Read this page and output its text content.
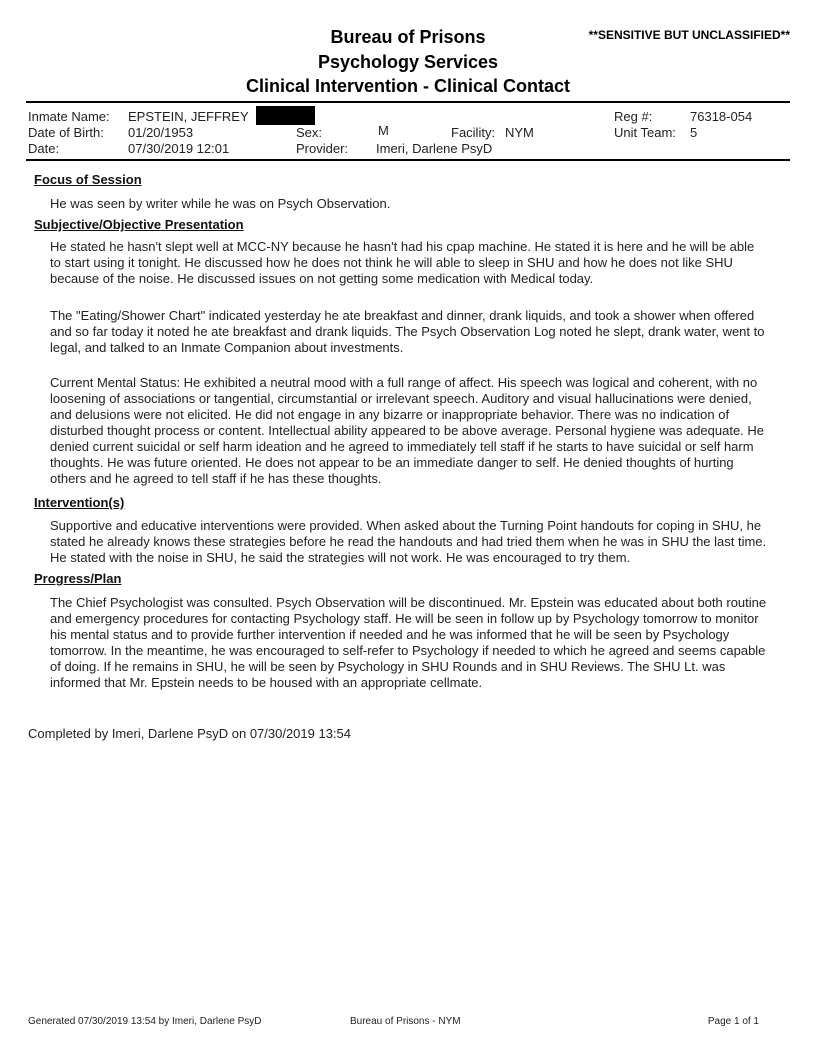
Bureau of Prisons
Psychology Services
Clinical Intervention - Clinical Contact
**SENSITIVE BUT UNCLASSIFIED**
Inmate Name: EPSTEIN, JEFFREY
Date of Birth: 01/20/1953
Date:	07/30/2019 12:01
Sex:	M
Provider: Imeri, Darlene PsyD
Facility: NYM
Reg #:	76318-054
Unit Team: 5
Focus of Session

He was seen by writer while he was on Psych Observation.

Subjective/Objective Presentation

He stated he hasn't slept well at MCC-NY because he hasn't had his cpap machine. He stated it is here and he will be able to start using it tonight. He discussed how he does not think he will able to sleep in SHU and how he does not like SHU because of the noise. He discussed issues on not getting some medication with Medical today.

The "Eating/Shower Chart" indicated yesterday he ate breakfast and dinner, drank liquids, and took a shower when offered and so far today it noted he ate breakfast and drank liquids. The Psych Observation Log noted he slept, drank water, went to legal, and talked to an Inmate Companion about investments.

Current Mental Status: He exhibited a neutral mood with a full range of affect. His speech was logical and coherent, with no loosening of associations or tangential, circumstantial or irrelevant speech. Auditory and visual hallucinations were denied, and delusions were not elicited. He did not engage in any bizarre or inappropriate behavior. There was no indication of disturbed thought process or content. Intellectual ability appeared to be above average. Personal hygiene was adequate. He denied current suicidal or self harm ideation and he agreed to immediately tell staff if he starts to have suicidal or self harm thoughts. He was future oriented. He does not appear to be an immediate danger to self. He denied thoughts of hurting others and he agreed to tell staff if he has these thoughts.

Intervention(s)

Supportive and educative interventions were provided. When asked about the Turning Point handouts for coping in SHU, he stated he already knows these strategies before he read the handouts and had tried them when he was in SHU the last time. He stated with the noise in SHU, he said the strategies will not work. He was encouraged to try them.

Progress/Plan

The Chief Psychologist was consulted. Psych Observation will be discontinued. Mr. Epstein was educated about both routine and emergency procedures for contacting Psychology staff. He will be seen in follow up by Psychology tomorrow to monitor his mental status and to provide further intervention if needed and he was informed that he will be seen by Psychology tomorrow. In the meantime, he was encouraged to self-refer to Psychology if needed to which he agreed and seems capable of doing. If he remains in SHU, he will be seen by Psychology in SHU Rounds and in SHU Reviews. The SHU Lt. was informed that Mr. Epstein needs to be housed with an appropriate cellmate.

Completed by Imeri, Darlene PsyD on 07/30/2019 13:54
Generated 07/30/2019 13:54 by Imeri, Darlene PsyD	Bureau of Prisons - NYM	Page 1 of 1
